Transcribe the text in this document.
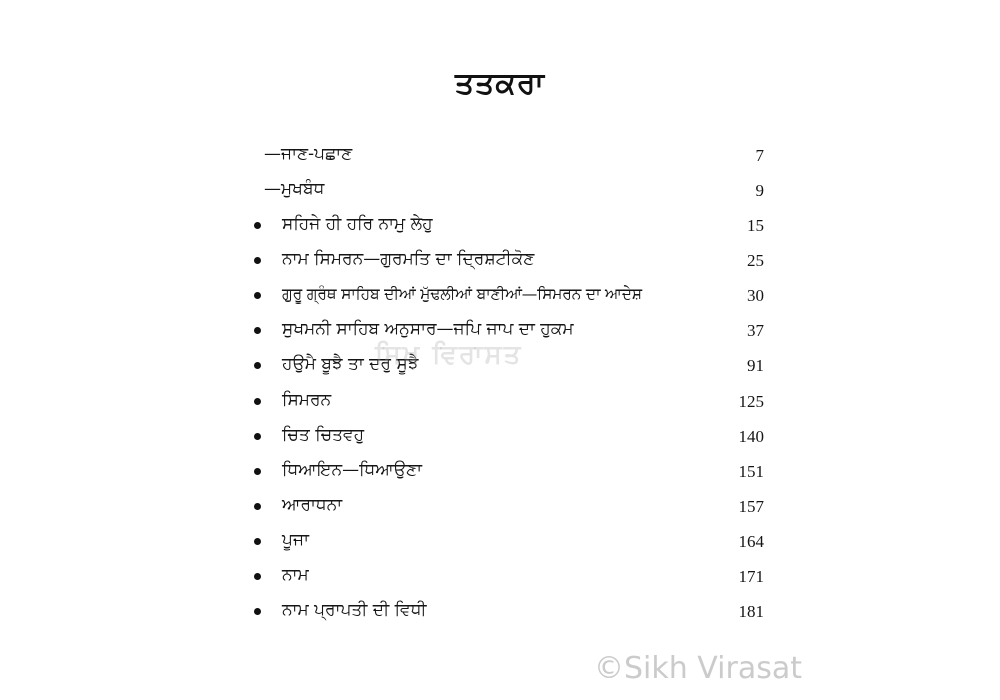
ਤਤਕਰਾ
—ਜਾਣ-ਪਛਾਣ	7
—ਮੁਖਬੰਧ	9
ਸਹਿਜੇ ਹੀ ਹਰਿ ਨਾਮੁ ਲੇਹੁ	15
ਨਾਮ ਸਿਮਰਨ—ਗੁਰਮਤਿ ਦਾ ਦ੍ਰਿਸ਼ਟੀਕੋਣ	25
ਗੁਰੂ ਗ੍ਰੰਥ ਸਾਹਿਬ ਦੀਆਂ ਮੁੱਢਲੀਆਂ ਬਾਣੀਆਂ—ਸਿਮਰਨ ਦਾ ਆਦੇਸ਼	30
ਸੁਖਮਨੀ ਸਾਹਿਬ ਅਨੁਸਾਰ—ਜਪਿ ਜਾਪ ਦਾ ਹੁਕਮ	37
ਹਉਮੈ ਬੂਝੈ ਤਾ ਦਰੁ ਸੂਝੈ	91
ਸਿਮਰਨ	125
ਚਿਤ ਚਿਤਵਹੁ	140
ਧਿਆਇਨ—ਧਿਆਉਣਾ	151
ਆਰਾਧਨਾ	157
ਪੂਜਾ	164
ਨਾਮ	171
ਨਾਮ ਪ੍ਰਾਪਤੀ ਦੀ ਵਿਧੀ	181
ਸਿਖ ਵਿਰਾਸਤ
©Sikh Virasat
